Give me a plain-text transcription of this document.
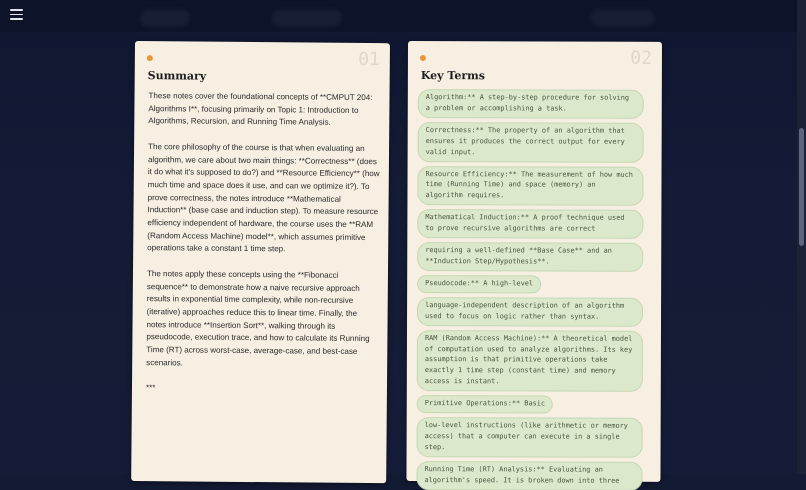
01
Summary

These notes cover the foundational concepts of **CMPUT 204: Algorithms I**, focusing primarily on Topic 1: Introduction to Algorithms, Recursion, and Running Time Analysis.

The core philosophy of the course is that when evaluating an algorithm, we care about two main things: **Correctness** (does it do what it's supposed to do?) and **Resource Efficiency** (how much time and space does it use, and can we optimize it?). To prove correctness, the notes introduce **Mathematical Induction** (base case and induction step). To measure resource efficiency independent of hardware, the course uses the **RAM (Random Access Machine) model**, which assumes primitive operations take a constant 1 time step.

The notes apply these concepts using the **Fibonacci sequence** to demonstrate how a naive recursive approach results in exponential time complexity, while non-recursive (iterative) approaches reduce this to linear time. Finally, the notes introduce **Insertion Sort**, walking through its pseudocode, execution trace, and how to calculate its Running Time (RT) across worst-case, average-case, and best-case scenarios.

***

02
Key Terms
Algorithm:** A step-by-step procedure for solving a problem or accomplishing a task.
Correctness:** The property of an algorithm that ensures it produces the correct output for every valid input.
Resource Efficiency:** The measurement of how much time (Running Time) and space (memory) an algorithm requires.
Mathematical Induction:** A proof technique used to prove recursive algorithms are correct
requiring a well-defined **Base Case** and an **Induction Step/Hypothesis**.
Pseudocode:** A high-level
language-independent description of an algorithm used to focus on logic rather than syntax.
RAM (Random Access Machine):** A theoretical model of computation used to analyze algorithms. Its key assumption is that primitive operations take exactly 1 time step (constant time) and memory access is instant.
Primitive Operations:** Basic
low-level instructions (like arithmetic or memory access) that a computer can execute in a single step.
Running Time (RT) Analysis:** Evaluating an algorithm's speed. It is broken down into three
